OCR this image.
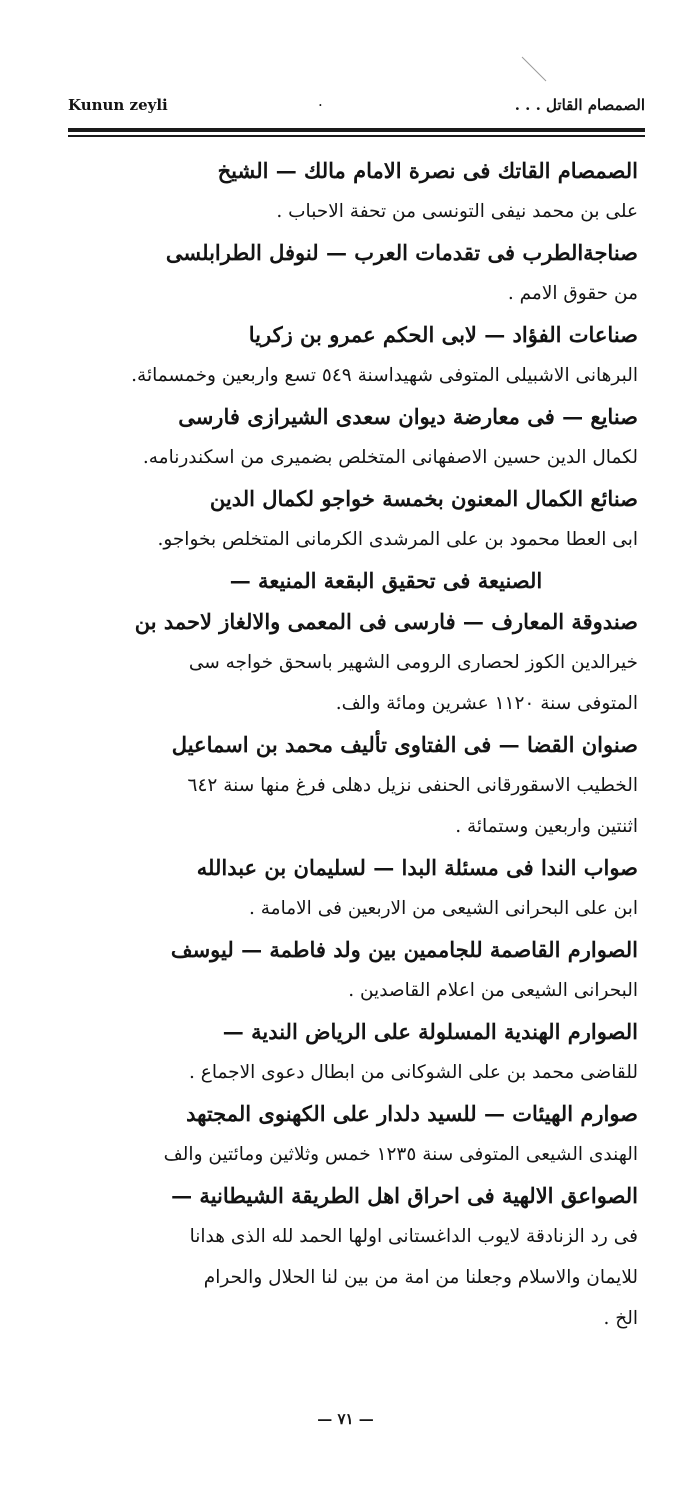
Kunun zeyli	·	الصمصام القاتل . . .
الصمصام القاتك فى نصرة الامام مالك — الشيخ
على بن محمد نيفى التونسى من تحفة الاحباب .
صناجةالطرب فى تقدمات العرب — لنوفل الطرابلسى
من حقوق الامم .
صناعات الفؤاد — لابى الحكم عمرو بن زكريا
البرهانى الاشبيلى المتوفى شهيداسنة ٥٤٩ تسع واربعين وخمسمائة.
صنايع — فى معارضة ديوان سعدى الشيرازى فارسى
لكمال الدين حسين الاصفهانى المتخلص بضميرى من اسكندرنامه.
صنائع الكمال المعنون بخمسة خواجو لكمال الدين
ابى العطا محمود بن على المرشدى الكرمانى المتخلص بخواجو.
الصنيعة فى تحقيق البقعة المنيعة —
صندوقة المعارف — فارسى فى المعمى والالغاز لاحمد بن
خيرالدين الكوز لحصارى الرومى الشهير باسحق خواجه سى
المتوفى سنة ١١٢٠ عشرين ومائة والف.
صنوان القضا — فى الفتاوى تأليف محمد بن اسماعيل
الخطيب الاسقورقانى الحنفى نزيل دهلى فرغ منها سنة ٦٤٢
اثنتين واربعين وستمائة .
صواب الندا فى مسئلة البدا — لسليمان بن عبدالله
ابن على البحرانى الشيعى من الاربعين فى الامامة .
الصوارم القاصمة للجاممين بين ولد فاطمة — ليوسف
البحرانى الشيعى من اعلام القاصدين .
الصوارم الهندية المسلولة على الرياض الندية —
للقاضى محمد بن على الشوكانى من ابطال دعوى الاجماع .
صوارم الهيئات — للسيد دلدار على الكهنوى المجتهد
الهندى الشيعى المتوفى سنة ١٢٣٥ خمس وثلاثين ومائتين والف
الصواعق الالهية فى احراق اهل الطريقة الشيطانية —
فى رد الزنادقة لايوب الداغستانى اولها الحمد لله الذى هدانا
للايمان والاسلام وجعلنا من امة من بين لنا الحلال والحرام
الخ .
— ٧١ —
